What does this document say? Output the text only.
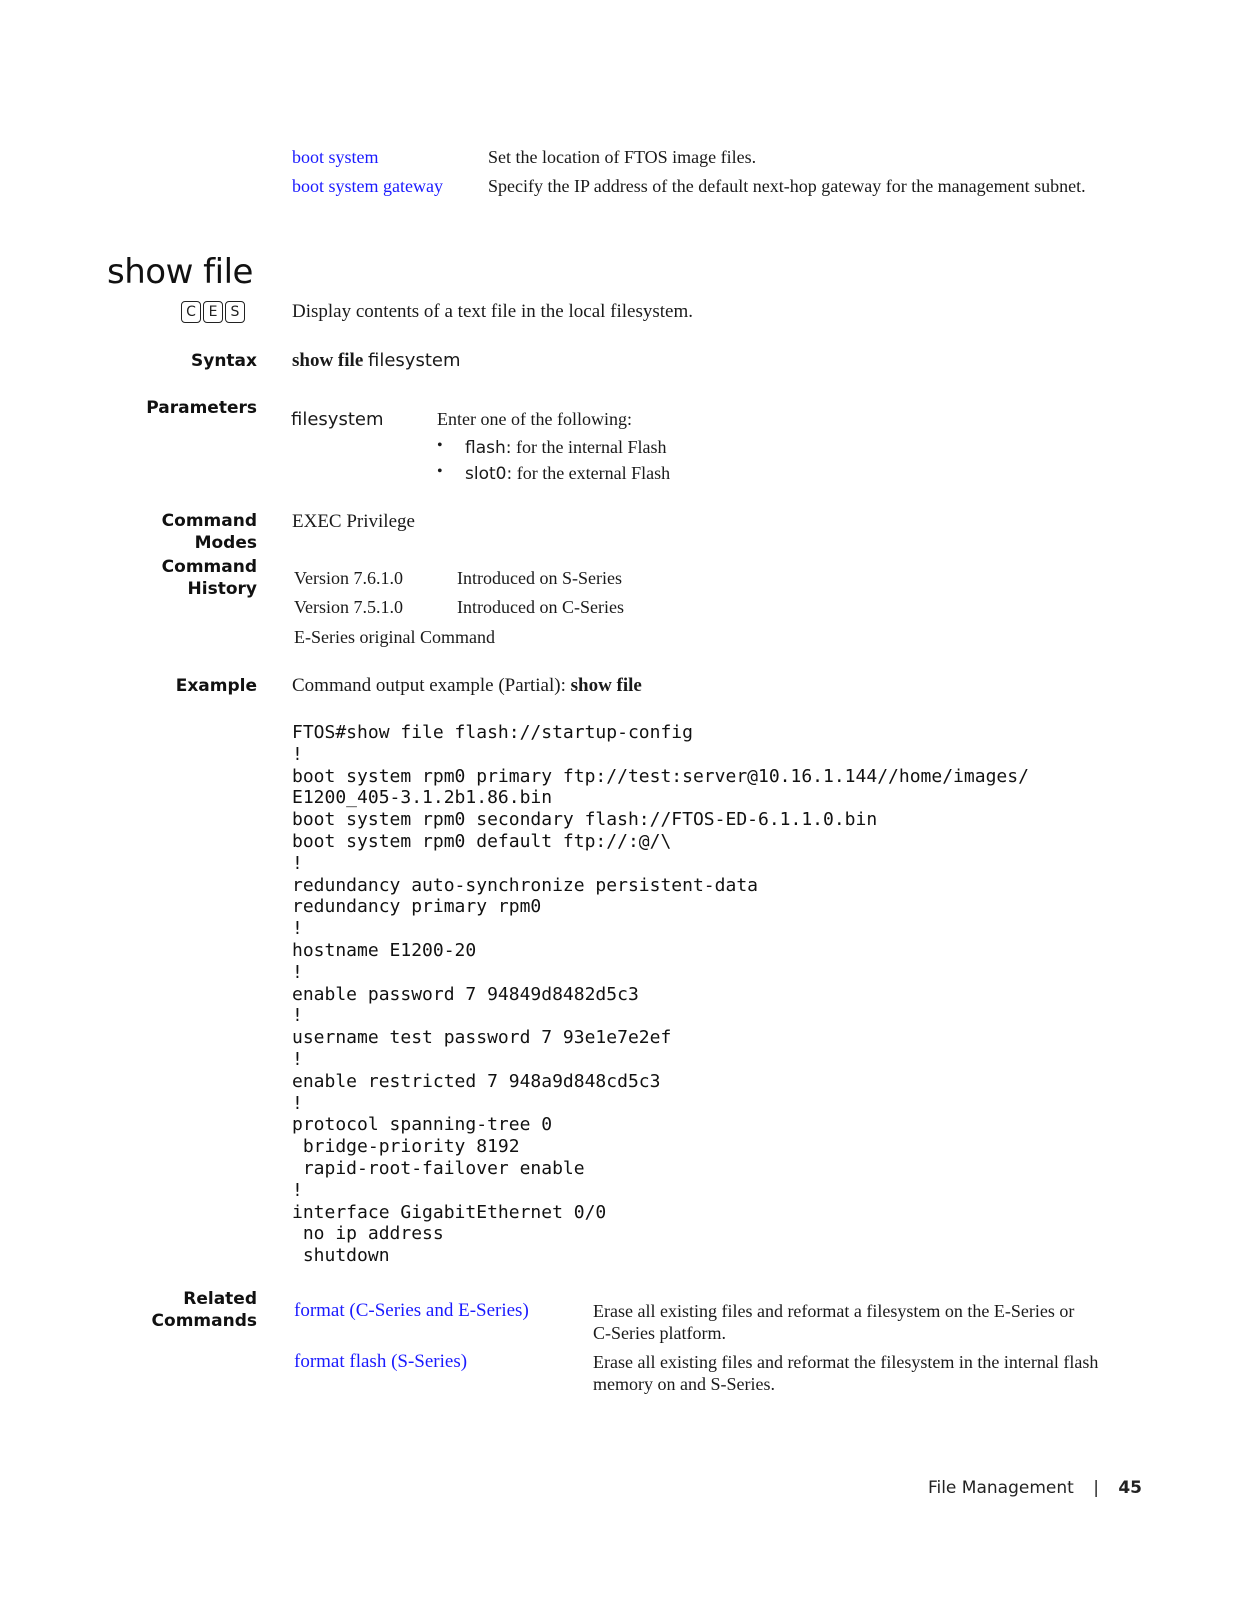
boot system	Set the location of FTOS image files.
boot system gateway	Specify the IP address of the default next-hop gateway for the management subnet.
show file
C E S	Display contents of a text file in the local filesystem.
Syntax show file filesystem
Parameters
filesystem	Enter one of the following:
• flash: for the internal Flash
• slot0: for the external Flash
Command Modes
EXEC Privilege
Command
History
Version 7.6.1.0	Introduced on S-Series
Version 7.5.1.0	Introduced on C-Series
E-Series original Command
Example Command output example (Partial): show file
FTOS#show file flash://startup-config
!
boot system rpm0 primary ftp://test:server@10.16.1.144//home/images/
E1200_405-3.1.2b1.86.bin
boot system rpm0 secondary flash://FTOS-ED-6.1.1.0.bin
boot system rpm0 default ftp://:@/\
!
redundancy auto-synchronize persistent-data
redundancy primary rpm0
!
hostname E1200-20
!
enable password 7 94849d8482d5c3
!
username test password 7 93e1e7e2ef
!
enable restricted 7 948a9d848cd5c3
!
protocol spanning-tree 0
bridge-priority 8192
rapid-root-failover enable
!
interface GigabitEthernet 0/0
no ip address
shutdown
Related
Commands format (C-Series and E-Series)	Erase all existing files and reformat a filesystem on the E-Series or
C-Series platform.
format flash (S-Series)	Erase all existing files and reformat the filesystem in the internal flash
memory on and S-Series.
File Management | 45
